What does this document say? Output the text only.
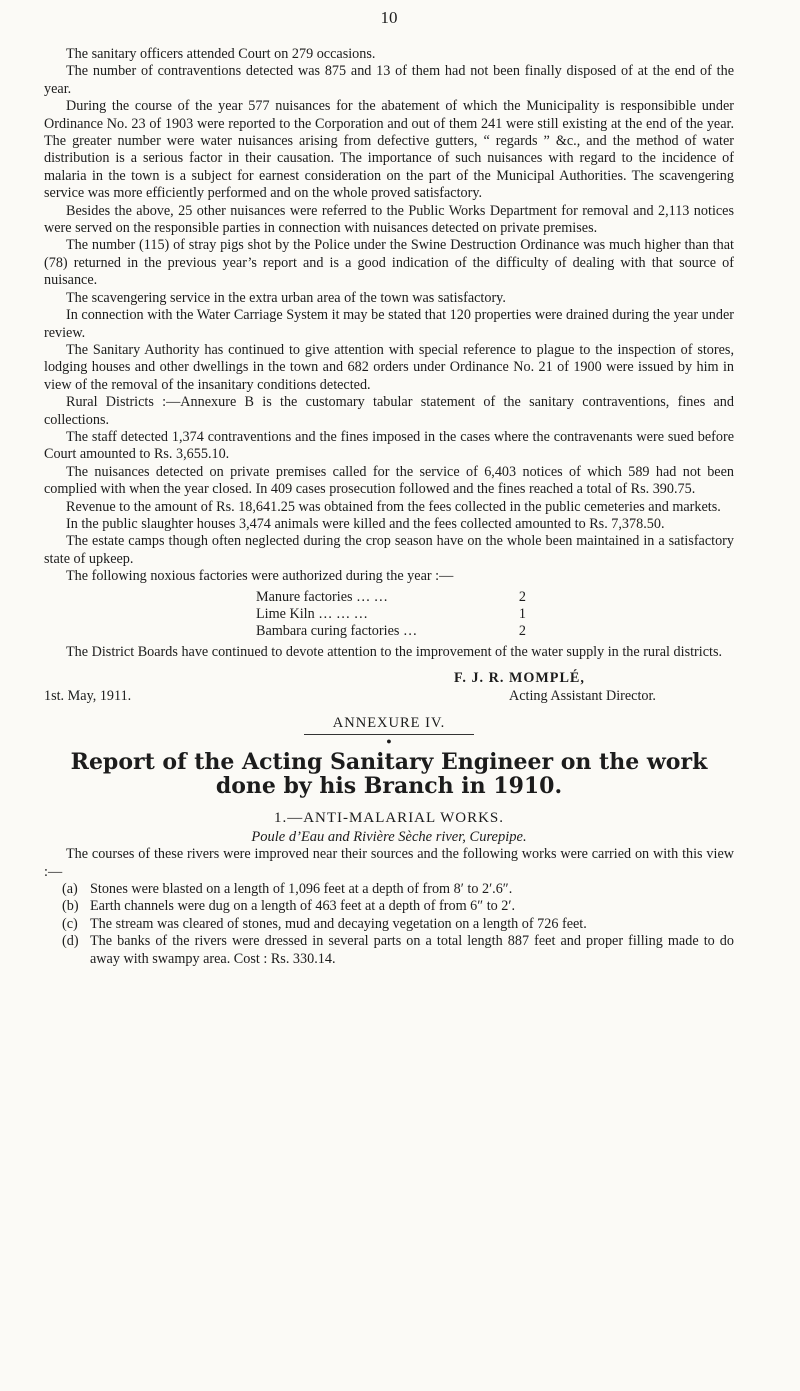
10

The sanitary officers attended Court on 279 occasions.

The number of contraventions detected was 875 and 13 of them had not been finally disposed of at the end of the year.

During the course of the year 577 nuisances for the abatement of which the Municipality is responsibible under Ordinance No. 23 of 1903 were reported to the Corporation and out of them 241 were still existing at the end of the year. The greater number were water nuisances arising from defective gutters, “ regards ” &c., and the method of water distribution is a serious factor in their causation. The importance of such nuisances with regard to the incidence of malaria in the town is a subject for earnest consideration on the part of the Municipal Authorities. The scavengering service was more efficiently performed and on the whole proved satisfactory.

Besides the above, 25 other nuisances were referred to the Public Works Department for removal and 2,113 notices were served on the responsible parties in connection with nuisances detected on private premises.

The number (115) of stray pigs shot by the Police under the Swine Destruction Ordinance was much higher than that (78) returned in the previous year’s report and is a good indication of the difficulty of dealing with that source of nuisance.

The scavengering service in the extra urban area of the town was satisfactory.

In connection with the Water Carriage System it may be stated that 120 properties were drained during the year under review.

The Sanitary Authority has continued to give attention with special reference to plague to the inspection of stores, lodging houses and other dwellings in the town and 682 orders under Ordinance No. 21 of 1900 were issued by him in view of the removal of the insanitary conditions detected.

Rural Districts :—Annexure B is the customary tabular statement of the sanitary contraventions, fines and collections.

The staff detected 1,374 contraventions and the fines imposed in the cases where the contravenants were sued before Court amounted to Rs. 3,655.10.

The nuisances detected on private premises called for the service of 6,403 notices of which 589 had not been complied with when the year closed. In 409 cases prosecution followed and the fines reached a total of Rs. 390.75.

Revenue to the amount of Rs. 18,641.25 was obtained from the fees collected in the public cemeteries and markets.

In the public slaughter houses 3,474 animals were killed and the fees collected amounted to Rs. 7,378.50.

The estate camps though often neglected during the crop season have on the whole been maintained in a satisfactory state of upkeep.

The following noxious factories were authorized during the year :—

Manure factories … …	2
Lime Kiln … … …	1
Bambara curing factories …	2

The District Boards have continued to devote attention to the improvement of the water supply in the rural districts.

F. J. R. MOMPLÉ,
1st. May, 1911.	Acting Assistant Director.
ANNEXURE IV.
●
Report of the Acting Sanitary Engineer on the work done by his Branch in 1910.
1.—ANTI-MALARIAL WORKS.
Poule d’Eau and Rivière Sèche river, Curepipe.

The courses of these rivers were improved near their sources and the following works were carried on with this view :—

(a) Stones were blasted on a length of 1,096 feet at a depth of from 8′ to 2′.6″.
(b) Earth channels were dug on a length of 463 feet at a depth of from 6″ to 2′.
(c) The stream was cleared of stones, mud and decaying vegetation on a length of 726 feet.
(d) The banks of the rivers were dressed in several parts on a total length 887 feet and proper filling made to do away with swampy area. Cost : Rs. 330.14.
